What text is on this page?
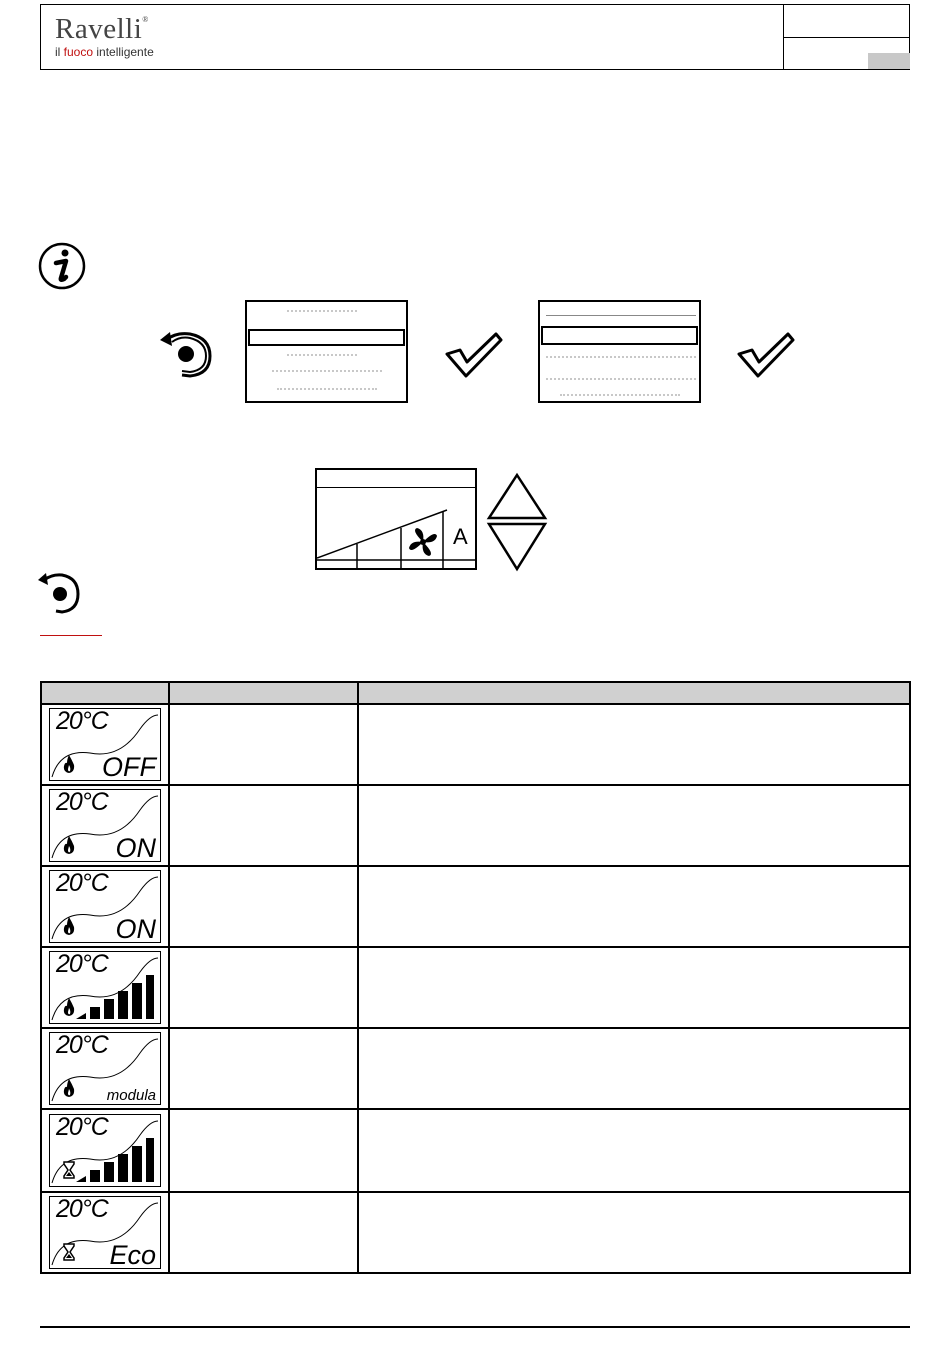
Ravelli®
il fuoco intelligente
A

20°C
OFF		

20°C
ON		

20°C
ON		

20°C		

20°C
modula		

20°C		

20°C
Eco		
